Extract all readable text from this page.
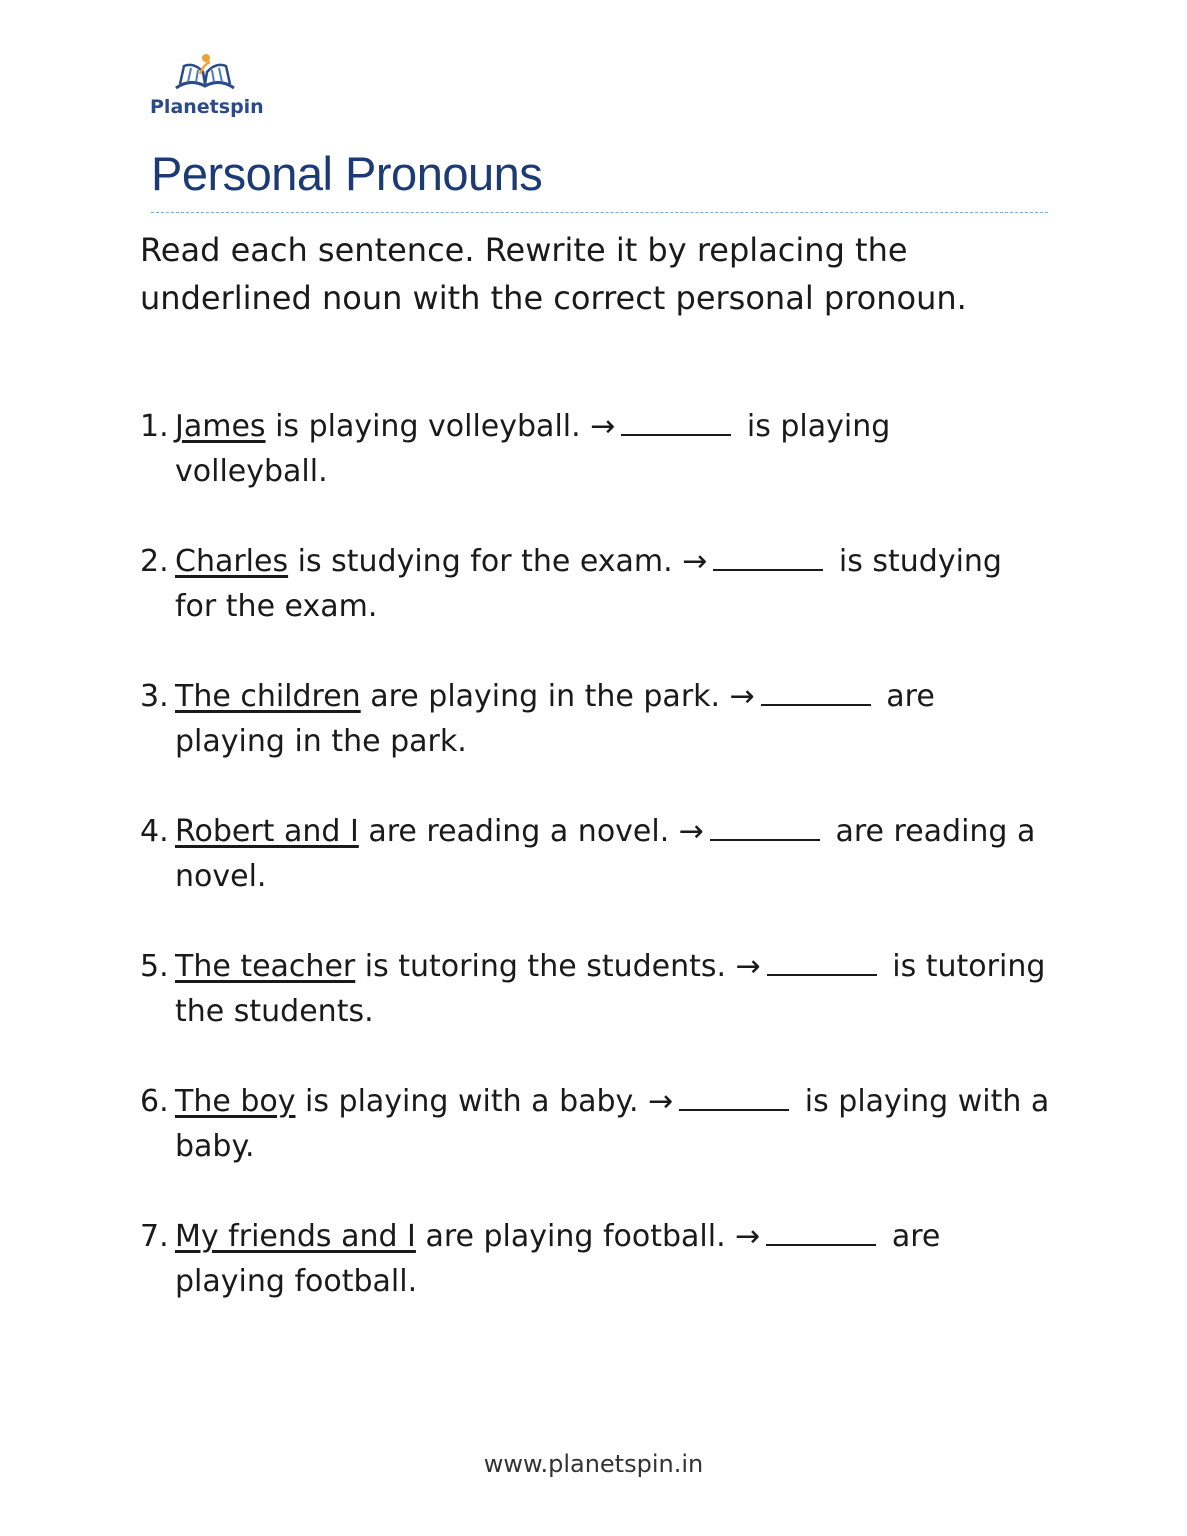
Planetspin
Personal Pronouns

Read each sentence. Rewrite it by replacing the underlined noun with the correct personal pronoun.

1. James is playing volleyball. →	is playing volleyball.
2. Charles is studying for the exam. →	is studying for the exam.
3. The children are playing in the park. →	are playing in the park.
4. Robert and I are reading a novel. →	are reading a novel.
5. The teacher is tutoring the students. →	is tutoring the students.
6. The boy is playing with a baby. →	is playing with a baby.
7. My friends and I are playing football. →	are playing football.
www.planetspin.in
